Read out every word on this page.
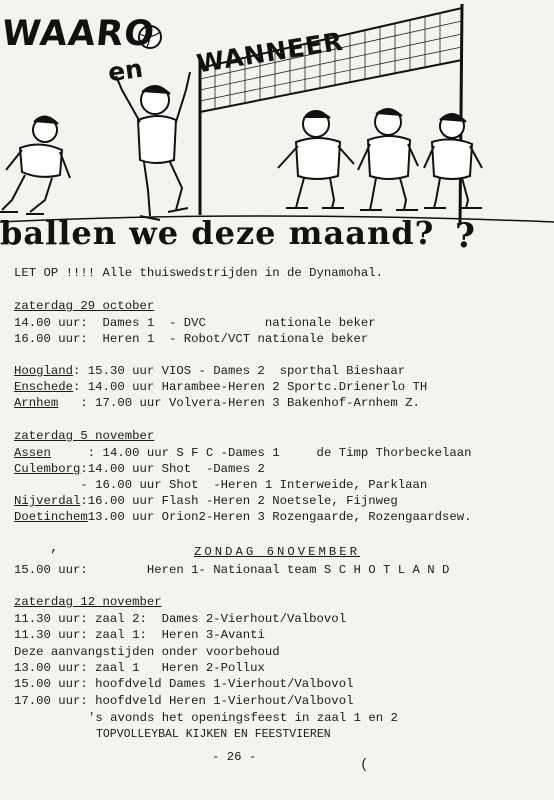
?
WAARO
en WANNEER
ballen we deze maand?
LET OP !!!! Alle thuiswedstrijden in de Dynamohal.
zaterdag 29 october
14.00 uur:  Dames 1  - DVC        nationale beker
16.00 uur:  Heren 1  - Robot/VCT nationale beker
Hoogland: 15.30 uur VIOS - Dames 2  sporthal Bieshaar
Enschede: 14.00 uur Harambee-Heren 2 Sportc.Drienerlo TH
Arnhem   : 17.00 uur Volvera-Heren 3 Bakenhof-Arnhem Z.
zaterdag 5 november
Assen     : 14.00 uur S F C -Dames 1     de Timp Thorbeckelaan
Culemborg:14.00 uur Shot  -Dames 2
- 16.00 uur Shot  -Heren 1 Interweide, Parklaan
Nijverdal:16.00 uur Flash -Heren 2 Noetsele, Fijnweg
Doetinchem13.00 uur Orion2-Heren 3 Rozengaarde, Rozengaardsew.
,	ZONDAG 6NOVEMBER
15.00 uur:        Heren 1- Nationaal team S C H O T L A N D
zaterdag 12 november
11.30 uur: zaal 2:  Dames 2-Vierhout/Valbovol
11.30 uur: zaal 1:  Heren 3-Avanti
Deze aanvangstijden onder voorbehoud
13.00 uur: zaal 1   Heren 2-Pollux
15.00 uur: hoofdveld Dames 1-Vierhout/Valbovol
17.00 uur: hoofdveld Heren 1-Vierhout/Valbovol
's avonds het openingsfeest in zaal 1 en 2
TOPVOLLEYBAL KIJKEN EN FEESTVIEREN
- 26 -	(
